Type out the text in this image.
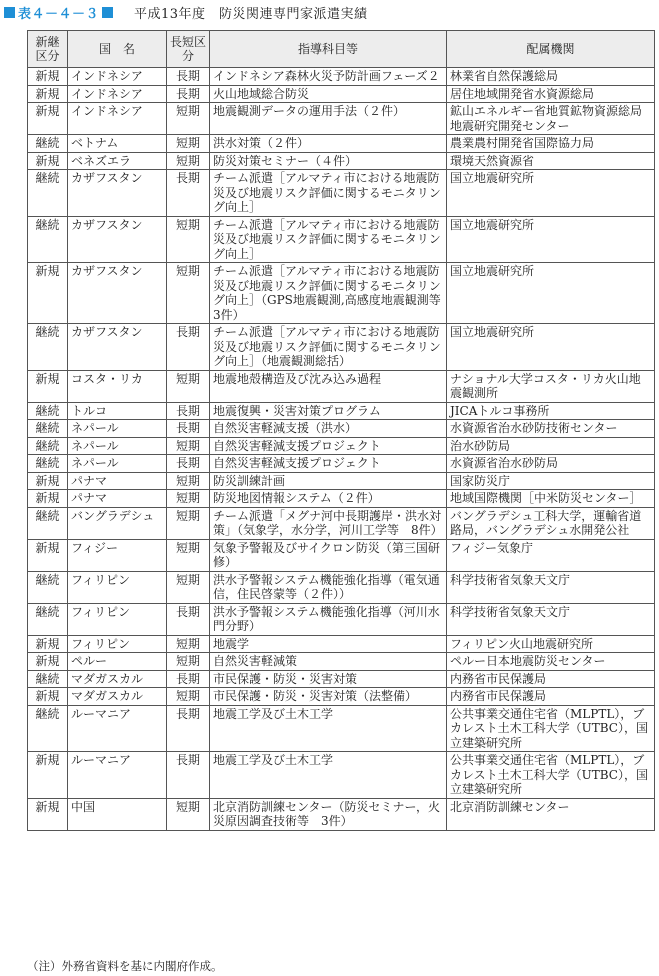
表４－４－３	平成13年度　防災関連専門家派遣実績
新継区分	国　名	長短区分	指導科目等	配属機関
新規	インドネシア	長期	インドネシア森林火災予防計画フェーズ２	林業省自然保護総局
新規	インドネシア	長期	火山地域総合防災	居住地域開発省水資源総局
新規	インドネシア	短期	地震観測データの運用手法（２件）	鉱山エネルギー省地質鉱物資源総局地震研究開発センター
継続	ベトナム	短期	洪水対策（２件）	農業農村開発省国際協力局
新規	ベネズエラ	短期	防災対策セミナー（４件）	環境天然資源省
継続	カザフスタン	長期	チーム派遣［アルマティ市における地震防災及び地震リスク評価に関するモニタリング向上］	国立地震研究所
継続	カザフスタン	短期	チーム派遣［アルマティ市における地震防災及び地震リスク評価に関するモニタリング向上］	国立地震研究所
新規	カザフスタン	短期	チーム派遣［アルマティ市における地震防災及び地震リスク評価に関するモニタリング向上］（GPS地震観測,高感度地震観測等　3件）	国立地震研究所
継続	カザフスタン	長期	チーム派遣［アルマティ市における地震防災及び地震リスク評価に関するモニタリング向上］（地震観測総括）	国立地震研究所
新規	コスタ・リカ	短期	地震地殻構造及び沈み込み過程	ナショナル大学コスタ・リカ火山地震観測所
継続	トルコ	長期	地震復興・災害対策プログラム	JICAトルコ事務所
継続	ネパール	長期	自然災害軽減支援（洪水）	水資源省治水砂防技術センター
継続	ネパール	短期	自然災害軽減支援プロジェクト	治水砂防局
継続	ネパール	長期	自然災害軽減支援プロジェクト	水資源省治水砂防局
新規	パナマ	短期	防災訓練計画	国家防災庁
新規	パナマ	短期	防災地図情報システム（２件）	地域国際機関［中米防災センター］
継続	バングラデシュ	短期	チーム派遣「メグナ河中長期護岸・洪水対策」（気象学，水分学，河川工学等　8件）	バングラデシュ工科大学，運輸省道路局，バングラデシュ水開発公社
新規	フィジー	短期	気象予警報及びサイクロン防災（第三国研修）	フィジー気象庁
継続	フィリピン	短期	洪水予警報システム機能強化指導（電気通信，住民啓蒙等（２件））	科学技術省気象天文庁
継続	フィリピン	長期	洪水予警報システム機能強化指導（河川水門分野）	科学技術省気象天文庁
新規	フィリピン	短期	地震学	フィリピン火山地震研究所
新規	ペルー	短期	自然災害軽減策	ペルー日本地震防災センター
継続	マダガスカル	長期	市民保護・防災・災害対策	内務省市民保護局
新規	マダガスカル	短期	市民保護・防災・災害対策（法整備）	内務省市民保護局
継続	ルーマニア	長期	地震工学及び土木工学	公共事業交通住宅省（MLPTL），ブカレスト土木工科大学（UTBC），国立建築研究所
新規	ルーマニア	長期	地震工学及び土木工学	公共事業交通住宅省（MLPTL），ブカレスト土木工科大学（UTBC），国立建築研究所
新規	中国	短期	北京消防訓練センター（防災セミナー，火災原因調査技術等　3件）	北京消防訓練センター
（注）外務省資料を基に内閣府作成。
